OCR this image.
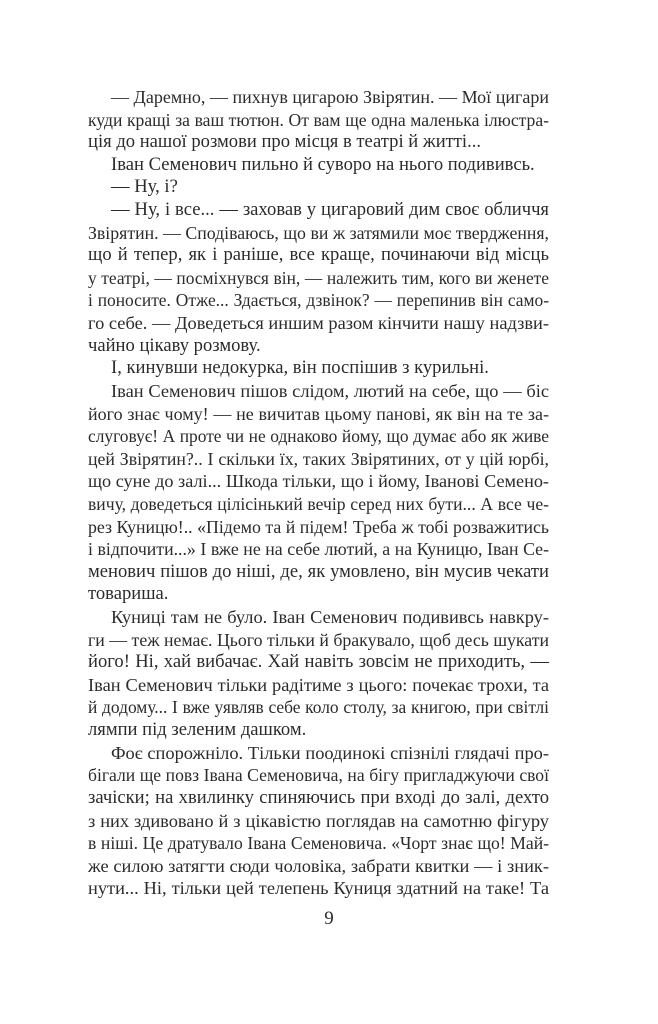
— Даремно, — пихнув цигарою Звірятин. — Мої цигари
куди кращі за ваш тютюн. От вам ще одна маленька ілюстра-
ція до нашої розмови про місця в театрі й житті...
Іван Семенович пильно й суворо на нього подививсь.
— Ну, і?
— Ну, і все... — заховав у цигаровий дим своє обличчя
Звірятин. — Сподіваюсь, що ви ж затямили моє твердження,
що й тепер, як і раніше, все краще, починаючи від місць
у театрі, — посміхнувся він, — належить тим, кого ви женете
і поносите. Отже... Здається, дзвінок? — перепинив він само-
го себе. — Доведеться иншим разом кінчити нашу надзви-
чайно цікаву розмову.
І, кинувши недокурка, він поспішив з курильні.
Іван Семенович пішов слідом, лютий на себе, що — біс
його знає чому! — не вичитав цьому панові, як він на те за-
слуговує! А проте чи не однаково йому, що думає або як живе
цей Звірятин?.. І скільки їх, таких Звірятиних, от у цій юрбі,
що суне до залі... Шкода тільки, що і йому, Іванові Семено-
вичу, доведеться цілісінький вечір серед них бути... А все че-
рез Куницю!.. «Підемо та й підем! Треба ж тобі розважитись
і відпочити...» І вже не на себе лютий, а на Куницю, Іван Се-
менович пішов до ніші, де, як умовлено, він мусив чекати
товариша.
Куниці там не було. Іван Семенович подививсь навкру-
ги — теж немає. Цього тільки й бракувало, щоб десь шукати
його! Ні, хай вибачає. Хай навіть зовсім не приходить, —
Іван Семенович тільки радітиме з цього: почекає трохи, та
й додому... І вже уявляв себе коло столу, за книгою, при світлі
лямпи під зеленим дашком.
Фоє спорожніло. Тільки поодинокі спізнілі глядачі про-
бігали ще повз Івана Семеновича, на бігу пригладжуючи свої
зачіски; на хвилинку спиняючись при вході до залі, дехто
з них здивовано й з цікавістю поглядав на самотню фігуру
в ніші. Це дратувало Івана Семеновича. «Чорт знає що! Май-
же силою затягти сюди чоловіка, забрати квитки — і зник-
нути... Ні, тільки цей телепень Куниця здатний на таке! Та
9
